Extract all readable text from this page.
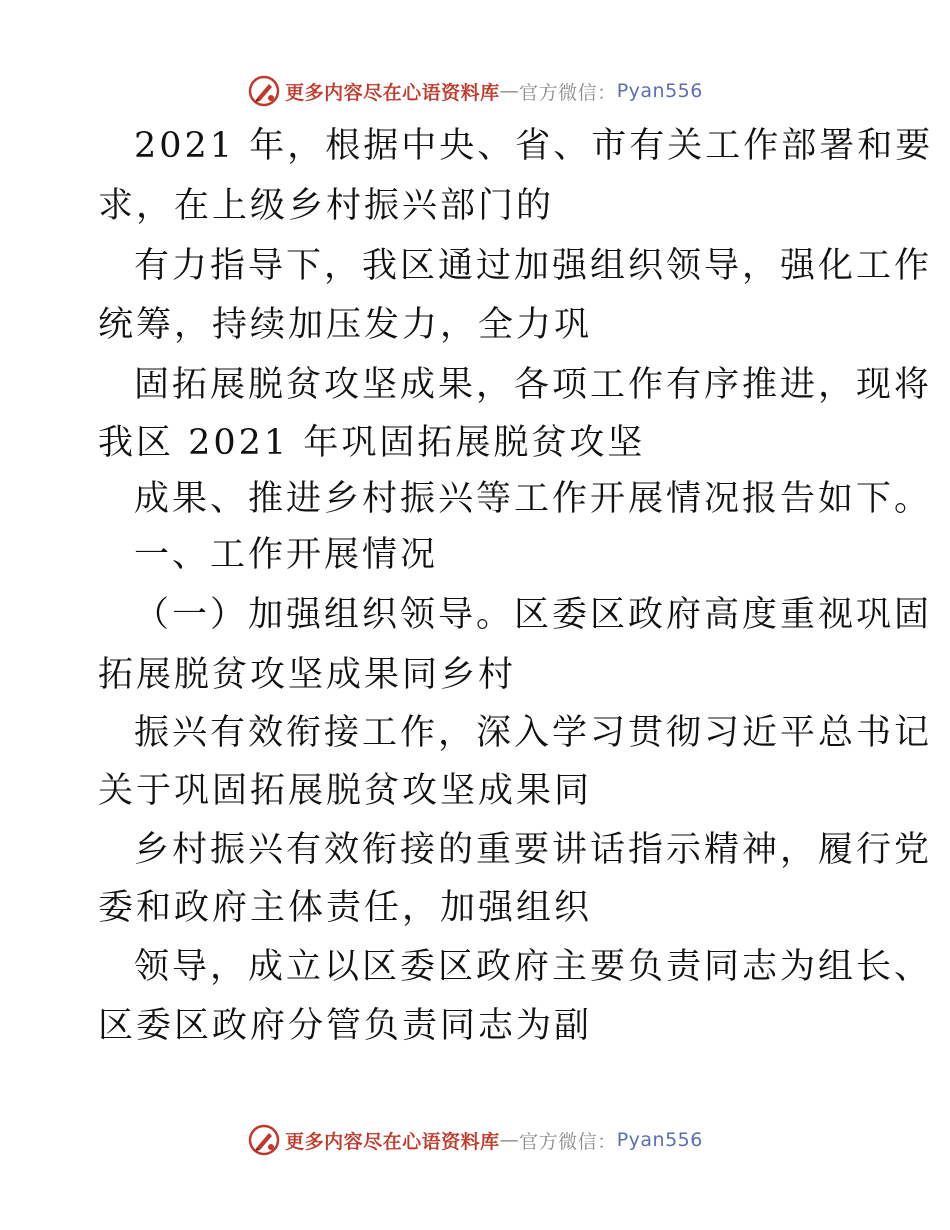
更多内容尽在心语资料库 — 官方微信： Pyan556
2021 年，根据中央、省、市有关工作部署和要
求，在上级乡村振兴部门的
有力指导下，我区通过加强组织领导，强化工作
统筹，持续加压发力，全力巩
固拓展脱贫攻坚成果，各项工作有序推进，现将
我区 2021 年巩固拓展脱贫攻坚
成果、推进乡村振兴等工作开展情况报告如下。
一、工作开展情况
（一）加强组织领导。区委区政府高度重视巩固
拓展脱贫攻坚成果同乡村
振兴有效衔接工作，深入学习贯彻习近平总书记
关于巩固拓展脱贫攻坚成果同
乡村振兴有效衔接的重要讲话指示精神，履行党
委和政府主体责任，加强组织
领导，成立以区委区政府主要负责同志为组长、
区委区政府分管负责同志为副
更多内容尽在心语资料库 — 官方微信： Pyan556
